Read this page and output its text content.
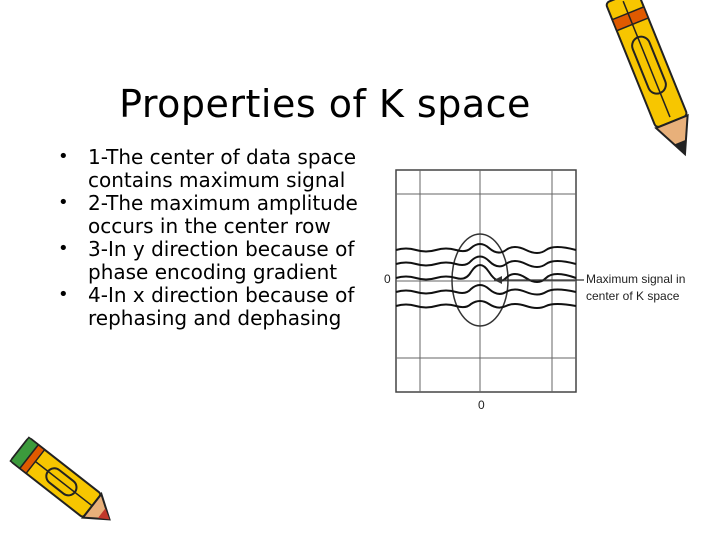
Properties of K space
• 1-The center of data space contains maximum signal
• 2-The maximum amplitude occurs in the center row
• 3-In y direction because of phase encoding gradient
• 4-In x direction because of rephasing and dephasing
0
0
Maximum signal in
center of K space
